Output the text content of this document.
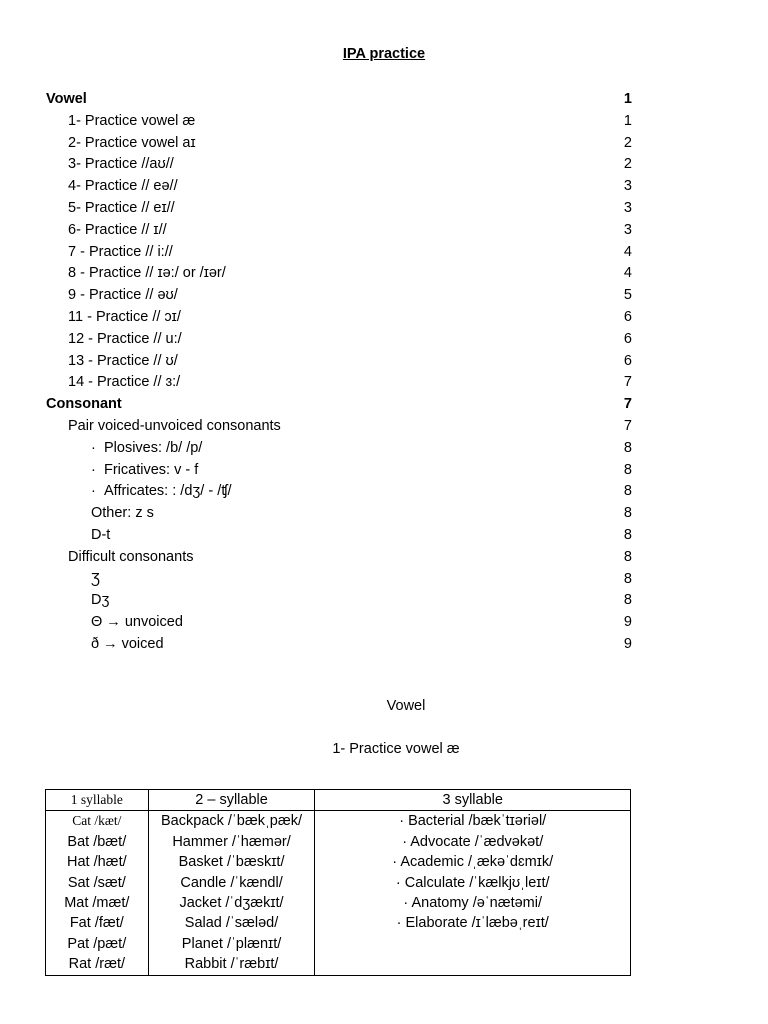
IPA practice
Vowel	1
1- Practice vowel æ	1
2- Practice vowel aɪ	2
3- Practice //aʊ//	2
4- Practice // eə//	3
5- Practice // eɪ//	3
6- Practice // ɪ//	3
7 - Practice // i://	4
8 - Practice // ɪə:/ or /ɪər/	4
9 - Practice // əʊ/	5
11 - Practice // ɔɪ/	6
12 - Practice // u:/	6
13 - Practice // ʊ/	6
14 - Practice // ɜ:/	7
Consonant	7
Pair voiced-unvoiced consonants	7
· Plosives: /b/ /p/	8
· Fricatives: v - f	8
· Affricates: : /dʒ/ - /ʧ/	8
Other: z s	8
D-t	8
Difficult consonants	8
Ʒ	8
Dʒ	8
Θ → unvoiced	9
ð → voiced	9
Vowel
1- Practice vowel æ
1 syllable	2 – syllable	3 syllable
Cat /kæt/	Backpack /ˈbækˌpæk/	· Bacterial /bækˈtɪəriəl/
Bat /bæt/	Hammer /ˈhæmər/	· Advocate /ˈædvəkət/
Hat /hæt/	Basket /ˈbæskɪt/	· Academic /ˌækəˈdɛmɪk/
Sat /sæt/	Candle /ˈkændl/	· Calculate /ˈkælkjʊˌleɪt/
Mat /mæt/	Jacket /ˈdʒækɪt/	· Anatomy /əˈnætəmi/
Fat /fæt/	Salad /ˈsæləd/	· Elaborate /ɪˈlæbəˌreɪt/
Pat /pæt/	Planet /ˈplænɪt/	
Rat /ræt/	Rabbit /ˈræbɪt/	
